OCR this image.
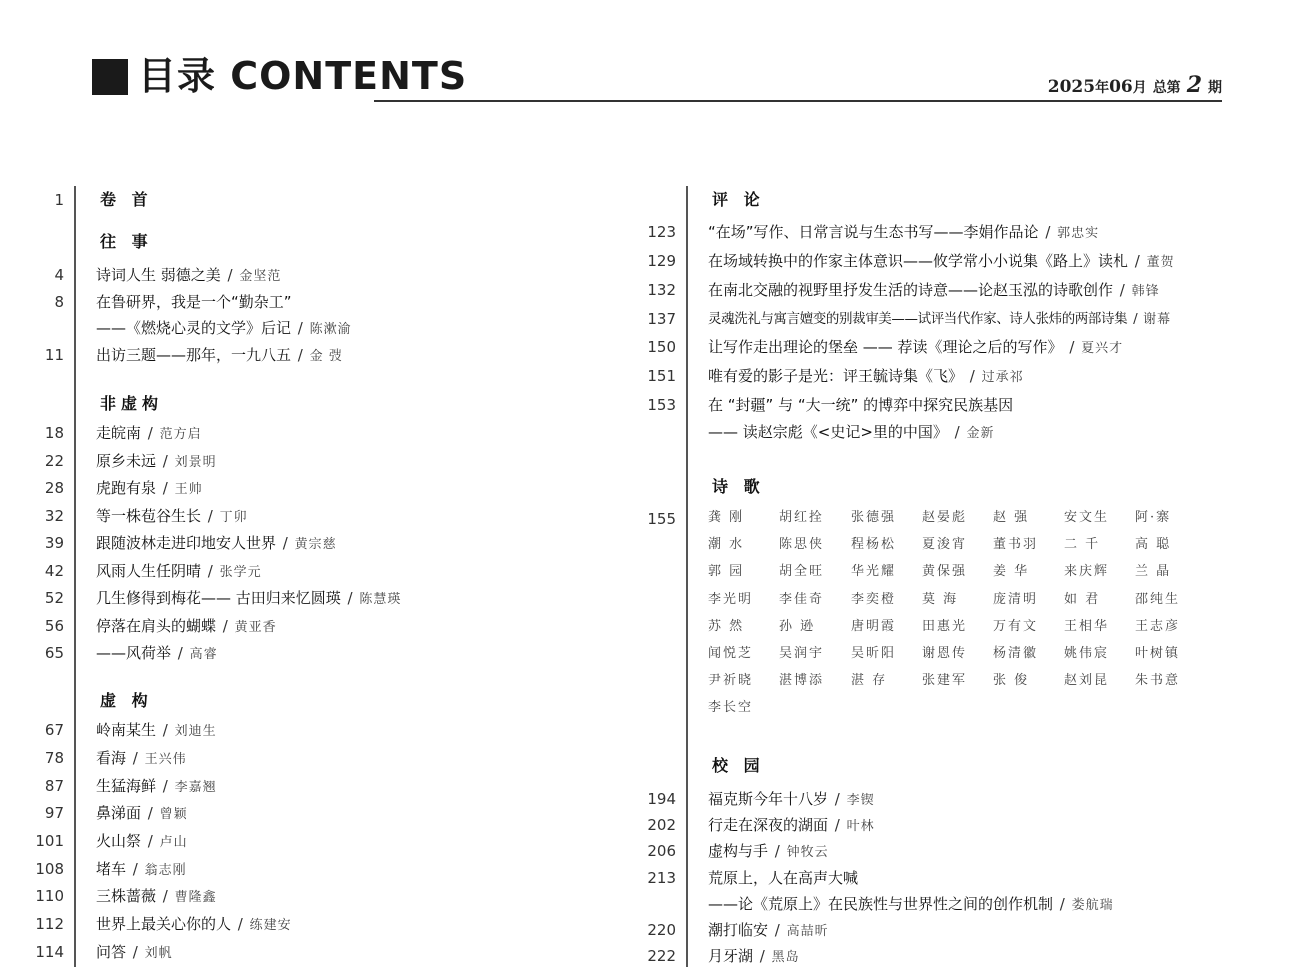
目录 CONTENTS	2025年06月 总第 2 期
1 卷 首
往 事
4 诗词人生 弱德之美 / 金坚范
8 在鲁研界，我是一个“勤杂工”
——《燃烧心灵的文学》后记 / 陈漱渝
11 出访三题——那年，一九八五 / 金 弢
非虚构
18 走皖南 / 范方启
22 原乡未远 / 刘景明
28 虎跑有泉 / 王帅
32 等一株苞谷生长 / 丁卯
39 跟随波林走进印地安人世界 / 黄宗慈
42 风雨人生任阴晴 / 张学元
52 几生修得到梅花—— 古田归来忆圆瑛 / 陈慧瑛
56 停落在肩头的蝴蝶 / 黄亚香
65 ——风荷举 / 高睿
虚 构
67 岭南某生 / 刘迪生
78 看海 / 王兴伟
87 生猛海鲜 / 李嘉翘
97 鼻涕面 / 曾颖
101 火山祭 / 卢山
108 堵车 / 翁志刚
110 三株蔷薇 / 曹隆鑫
112 世界上最关心你的人 / 练建安
114 问答 / 刘帆
评 论
123 “在场”写作、日常言说与生态书写——李娟作品论 / 郭忠实
129 在场域转换中的作家主体意识——攸学常小小说集《路上》读札 / 董贺
132 在南北交融的视野里抒发生活的诗意——论赵玉泓的诗歌创作 / 韩锋
137 灵魂洗礼与寓言嬗变的别裁审美——试评当代作家、诗人张炜的两部诗集 / 谢幕
150 让写作走出理论的堡垒 —— 荐读《理论之后的写作》 / 夏兴才
151 唯有爱的影子是光：评王毓诗集《飞》 / 过承祁
153 在 “封疆” 与 “大一统” 的博弈中探究民族基因
—— 读赵宗彪《<史记>里的中国》 / 金新
诗 歌
155 龚 刚	胡红拴 张德强 赵晏彪 赵 强	安文生 阿·寨
潮 水	陈思侠 程杨松 夏浚宵 董书羽 二 千	高 聪
郭 园	胡全旺 华光耀 黄保强 姜 华	来庆辉 兰 晶
李光明 李佳奇 李奕橙 莫 海	庞清明 如 君	邵纯生
苏 然	孙 逊	唐明霞 田惠光 万有文 王相华 王志彦
闻悦芝 吴润宇 吴昕阳 谢恩传 杨清徽 姚伟宸 叶树镇
尹祈晓 湛博添 湛 存	张建军 张 俊	赵刘昆 朱书意
李长空
校 园
194 福克斯今年十八岁 / 李锲
202 行走在深夜的湖面 / 叶林
206 虚构与手 / 钟牧云
213 荒原上，人在高声大喊
——论《荒原上》在民族性与世界性之间的创作机制 / 娄航瑞
220 潮打临安 / 高喆昕
222 月牙湖 / 黑岛
